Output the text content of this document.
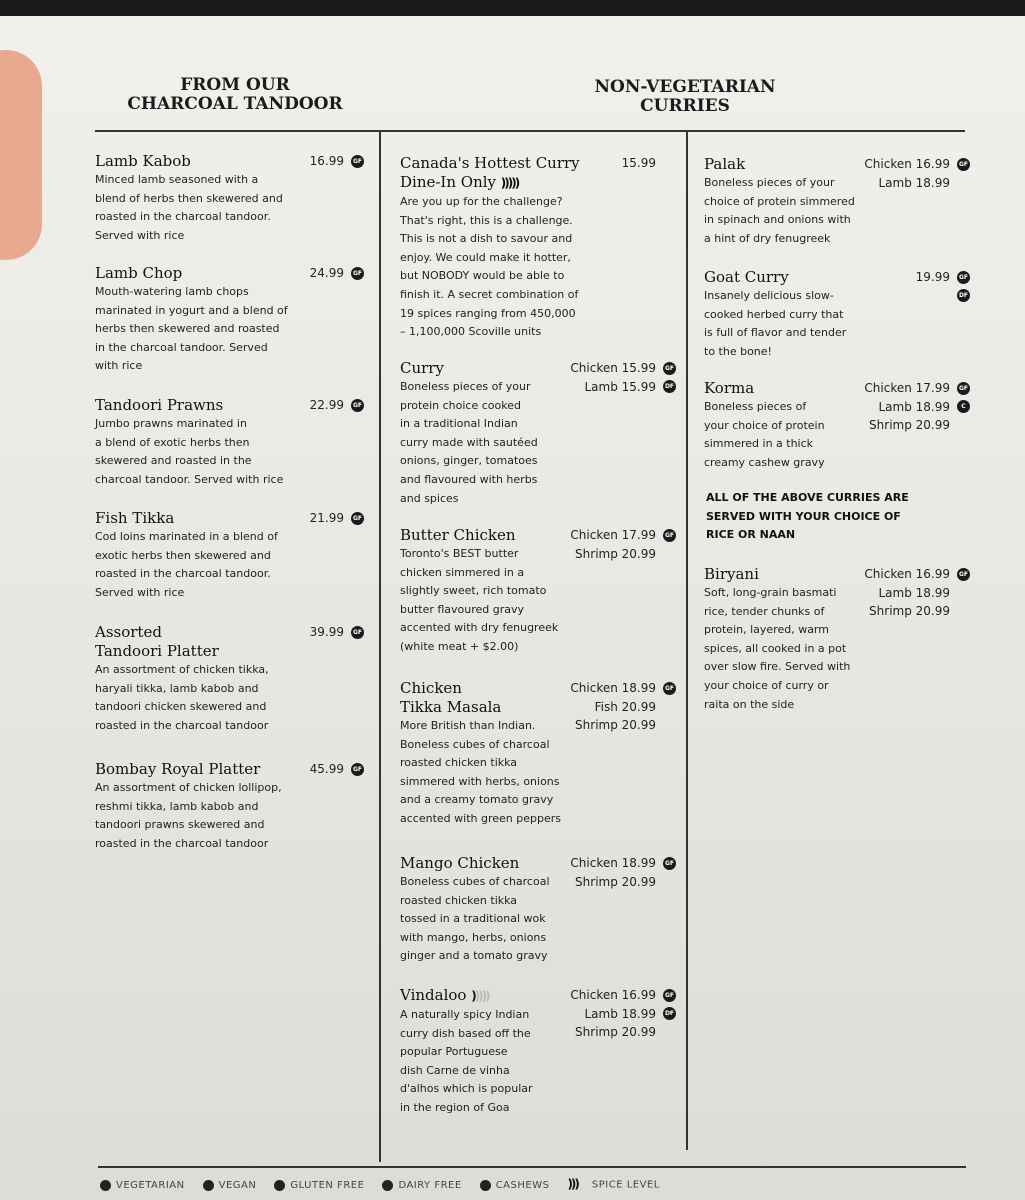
FROM OUR
CHARCOAL TANDOOR
NON-VEGETARIAN
CURRIES
Lamb Kabob
Minced lamb seasoned with a
blend of herbs then skewered and
roasted in the charcoal tandoor.
Served with rice
16.99	GF
Lamb Chop
Mouth-watering lamb chops
marinated in yogurt and a blend of
herbs then skewered and roasted
in the charcoal tandoor. Served
with rice
24.99	GF
Tandoori Prawns
Jumbo prawns marinated in
a blend of exotic herbs then
skewered and roasted in the
charcoal tandoor. Served with rice
22.99	GF
Fish Tikka
Cod loins marinated in a blend of
exotic herbs then skewered and
roasted in the charcoal tandoor.
Served with rice
21.99	GF
Assorted
Tandoori Platter
An assortment of chicken tikka,
haryali tikka, lamb kabob and
tandoori chicken skewered and
roasted in the charcoal tandoor
39.99	GF
Bombay Royal Platter
An assortment of chicken lollipop,
reshmi tikka, lamb kabob and
tandoori prawns skewered and
roasted in the charcoal tandoor
45.99	GF
Canada's Hottest Curry
Dine-In Only )))))
Are you up for the challenge?
That's right, this is a challenge.
This is not a dish to savour and
enjoy. We could make it hotter,
but NOBODY would be able to
finish it. A secret combination of
19 spices ranging from 450,000
– 1,100,000 Scoville units
15.99
Curry
Boneless pieces of your
protein choice cooked
in a traditional Indian
curry made with sautéed
onions, ginger, tomatoes
and flavoured with herbs
and spices
Chicken 15.99
Lamb 15.99
GF
DF
Butter Chicken
Toronto's BEST butter
chicken simmered in a
slightly sweet, rich tomato
butter flavoured gravy
accented with dry fenugreek
(white meat + $2.00)
Chicken 17.99
Shrimp 20.99
GF
Chicken
Tikka Masala
More British than Indian.
Boneless cubes of charcoal
roasted chicken tikka
simmered with herbs, onions
and a creamy tomato gravy
accented with green peppers
Chicken 18.99
Fish 20.99
Shrimp 20.99
GF
Mango Chicken
Boneless cubes of charcoal
roasted chicken tikka
tossed in a traditional wok
with mango, herbs, onions
ginger and a tomato gravy
Chicken 18.99
Shrimp 20.99
GF
Vindaloo )))))
A naturally spicy Indian
curry dish based off the
popular Portuguese
dish Carne de vinha
d'alhos which is popular
in the region of Goa
Chicken 16.99
Lamb 18.99
Shrimp 20.99
GF
DF
Palak
Boneless pieces of your
choice of protein simmered
in spinach and onions with
a hint of dry fenugreek
Chicken 16.99
Lamb 18.99
GF
Goat Curry
Insanely delicious slow-
cooked herbed curry that
is full of flavor and tender
to the bone!
19.99	GF
DF
Korma
Boneless pieces of
your choice of protein
simmered in a thick
creamy cashew gravy
Chicken 17.99
Lamb 18.99
Shrimp 20.99
GF
C
Biryani
Soft, long-grain basmati
rice, tender chunks of
protein, layered, warm
spices, all cooked in a pot
over slow fire. Served with
your choice of curry or
raita on the side
Chicken 16.99
Lamb 18.99
Shrimp 20.99
GF
ALL OF THE ABOVE CURRIES ARE
SERVED WITH YOUR CHOICE OF
RICE OR NAAN
VEGETARIAN	VEGAN	GLUTEN FREE	DAIRY FREE	CASHEWS ))) SPICE LEVEL
